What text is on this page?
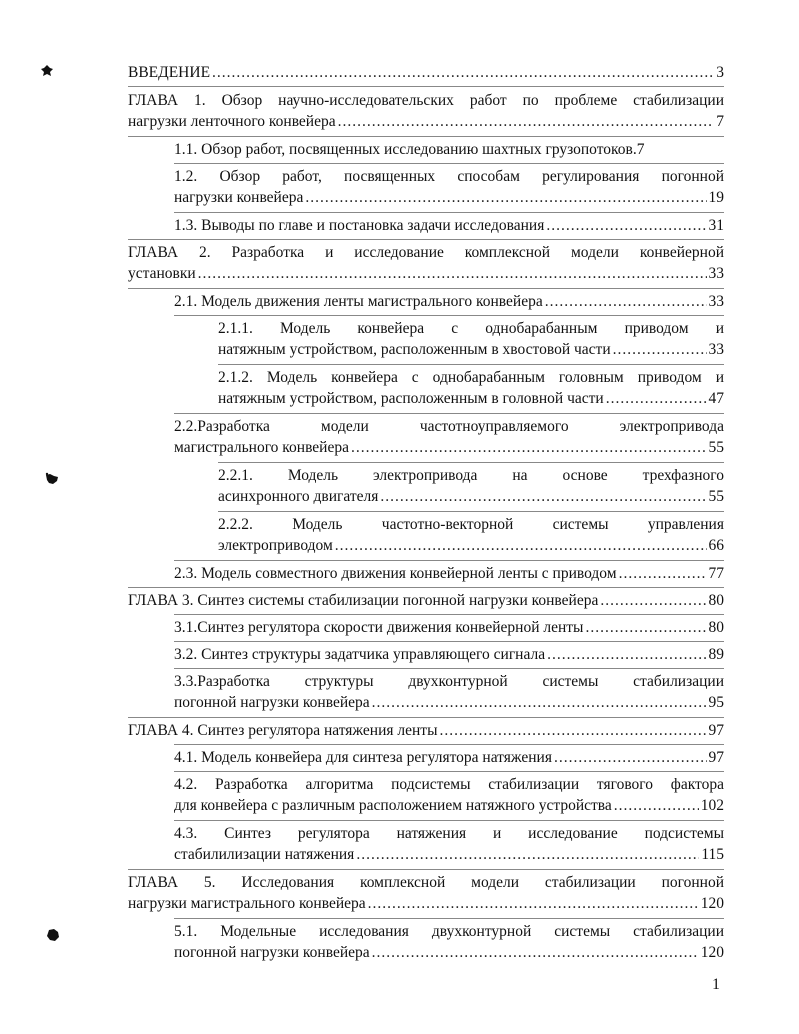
ВВЕДЕНИЕ .....	3
ГЛАВА 1. Обзор научно-исследовательских работ по проблеме стабилизации
нагрузки ленточного конвейера .....	7
1.1. Обзор работ, посвященных исследованию шахтных грузопотоков .7
1.2. Обзор работ, посвященных способам регулирования погонной
нагрузки конвейера .....	19
1.3. Выводы по главе и постановка задачи исследования .....	31
ГЛАВА 2. Разработка и исследование комплексной модели конвейерной
установки .....	33
2.1. Модель движения ленты магистрального конвейера .....	33
2.1.1. Модель конвейера с однобарабанным приводом и
натяжным устройством, расположенным в хвостовой части .....	33
2.1.2. Модель конвейера с однобарабанным головным приводом и
натяжным устройством, расположенным в головной части .....	47
2.2.Разработка модели частотноуправляемого электропривода
магистрального конвейера .....	55
2.2.1. Модель электропривода на основе трехфазного
асинхронного двигателя .....	55
2.2.2. Модель частотно-векторной системы управления
электроприводом .....	66
2.3. Модель совместного движения конвейерной ленты с приводом .....	77
ГЛАВА 3. Синтез системы стабилизации погонной нагрузки конвейера .....	80
3.1.Синтез регулятора скорости движения конвейерной ленты .....	80
3.2. Синтез структуры задатчика управляющего сигнала .....	89
3.3.Разработка структуры двухконтурной системы стабилизации
погонной нагрузки конвейера .....	95
ГЛАВА 4. Синтез регулятора натяжения ленты .....	97
4.1. Модель конвейера для синтеза регулятора натяжения .....	97
4.2. Разработка алгоритма подсистемы стабилизации тягового фактора
для конвейера с различным расположением натяжного устройства .....	102
4.3. Синтез регулятора натяжения и исследование подсистемы
стабилилизации натяжения .....	115
ГЛАВА 5. Исследования комплексной модели стабилизации погонной
нагрузки магистрального конвейера .....	120
5.1. Модельные исследования двухконтурной системы стабилизации
погонной нагрузки конвейера .....	120
1
